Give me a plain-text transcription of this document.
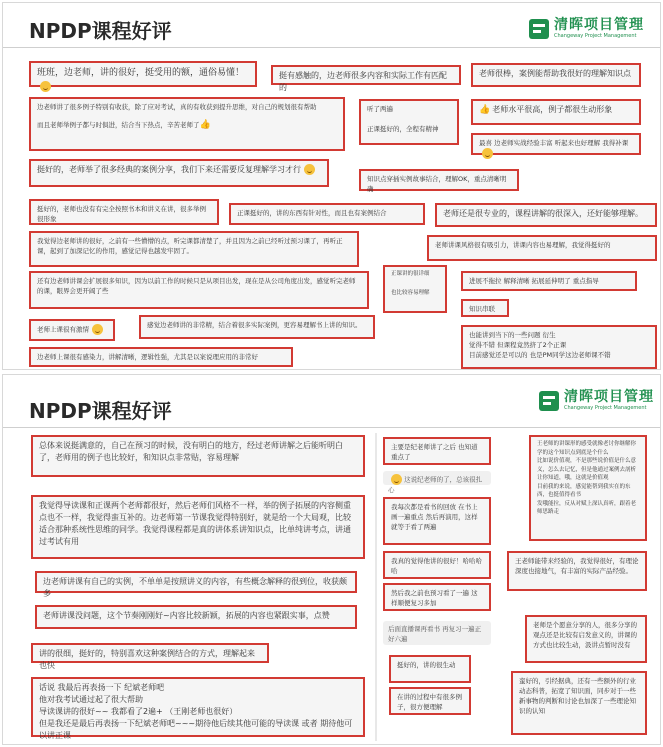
NPDP课程好评	清晖项目管理
Changeway Project Management
班班，边老师，讲的很好，挺受用的额，通俗易懂！	挺有感触的，边老师很多内容和实际工作有匹配的
老师很棒，案例能帮助我很好的理解知识点
边老师讲了很多例子特别有收获，除了应对考试，真的有收获到提升思维，对自己的规划很有帮助
而且老师举例子都与时俱进，结合当下热点，辛苦老师了👍
听了两遍
正课挺好的，全程有精神
👍 老师水平很高，例子都很生动形象
最喜 边老师实战经验丰富 听起来也好理解 我得补课
挺好的，老师举了很多经典的案例分享，我们下来还需要反复理解学习才行
知识点穿插实例故事结合，理解OK，重点清晰明确
挺好的，老师也没有有完全按照书本和讲义在讲，很多举例很形象
正课挺好的，讲的东西有针对性，而且也有案例结合	老师还是很专业的，课程讲解的很深入，还好能够理解。
我觉得边老师讲的很好，之前有一些懵懵的点，听完课都清楚了，并且因为之前已经听过预习课了，再听正课，起到了加深记忆的作用，感觉记得也越发牢固了。
老师讲课风格很有吸引力，讲课内容也易理解，我觉得挺好的
还有边老师讲课会扩展很多知识，因为以前工作的时候只是从项目出发，现在是从公司角度出发，感觉听完老师的课，眼界会更开阔了些
正课讲的很详细
也比较容易理解
进展不拖拉 解释清晰 拓展延伸明了 重点指导
知识串联
老师上课很有激情
感觉边老师讲的非常精，结合着很多实际案例，更容易理解书上讲的知识。
也能讲到当下的一些问题 衍生
觉得不错 但课程竟然挤了2个正课
目前感觉还是可以的 也是PM同学这边老师课不错
边老师上课很有感染力，讲解清晰，逻辑性强，尤其是以案说理应用的非常好
NPDP课程好评
清晖项目管理
Changeway Project Management
总体来说挺满意的，自己在预习的时候，没有明白的地方，经过老师讲解之后能听明白了，老师用的例子也比较好，和知识点非常贴，容易理解
我觉得导读课和正课两个老师都很好，然后老师们风格不一样，举的例子拓展的内容侧重点也不一样，我觉得蛮互补的。边老师第一节课我觉得特别好，就是给一个大局观，比较适合那种系统性思维的同学。我觉得课程都是真的讲体系讲知识点，比单纯讲考点，讲通过考试有用
边老师讲课有自己的实例，不单单是按照讲义的内容，有些概念解释的很到位，收获颇多
老师讲课没问题，这个节奏刚刚好~内容比较新颖，拓展的内容也紧跟实事，点赞
讲的很细，挺好的，特别喜欢这种案例结合的方式，理解起来也快
话说 我最后再表扬一下 纪斌老师吧
他对我考试通过起了很大帮助
导读课讲的很好~~ 我都看了2遍+ （王刚老师也很好）
但是我还是最后再表扬一下纪斌老师吧~~~期待他后续其他可能的导读课 或者 期待他可以讲正课
主要是纪老师讲了之后 也知道重点了
这说纪老师的了，总该很扎心
我每次都是看书的回放 在书上画一遍重点 然后再演用，这样就等于看了两遍
我真的觉得他讲的很好！哈哈哈哈
然后我之前也预习看了一遍 这样顺便复习多加
后面直播课再看书 再复习一遍正好六遍
挺好的，讲的很生动
在讲的过程中有很多例子，很方便理解
王老师的讲课形的感受就像老讨你继解你学的这个知识点到底是个什么
比如说价值观，不是那些说价值是什么意义，怎么去记忆，但是他通过案例去剖析让你知道，哦，这就是价值观
目前我的来说，感觉能帮到我实在的东西，也挺值得看书
发哦能拉，反从对赋上深认真听，跟着老师思路走
王老师能带来经验的，我觉得很好，有理论深度也接地气，有丰富的实际产品经验。
老师是个愿意分享的人，很多分享的观点还是比较有启发意义的，讲课的方式也比较生动，汲讲点暂时没有
蛮好的，引经据典，还有一些额外的行业动态科普，拓宽了知识面，同步对于一些新事物的判断和讨论也加深了一些理论知识的认知
